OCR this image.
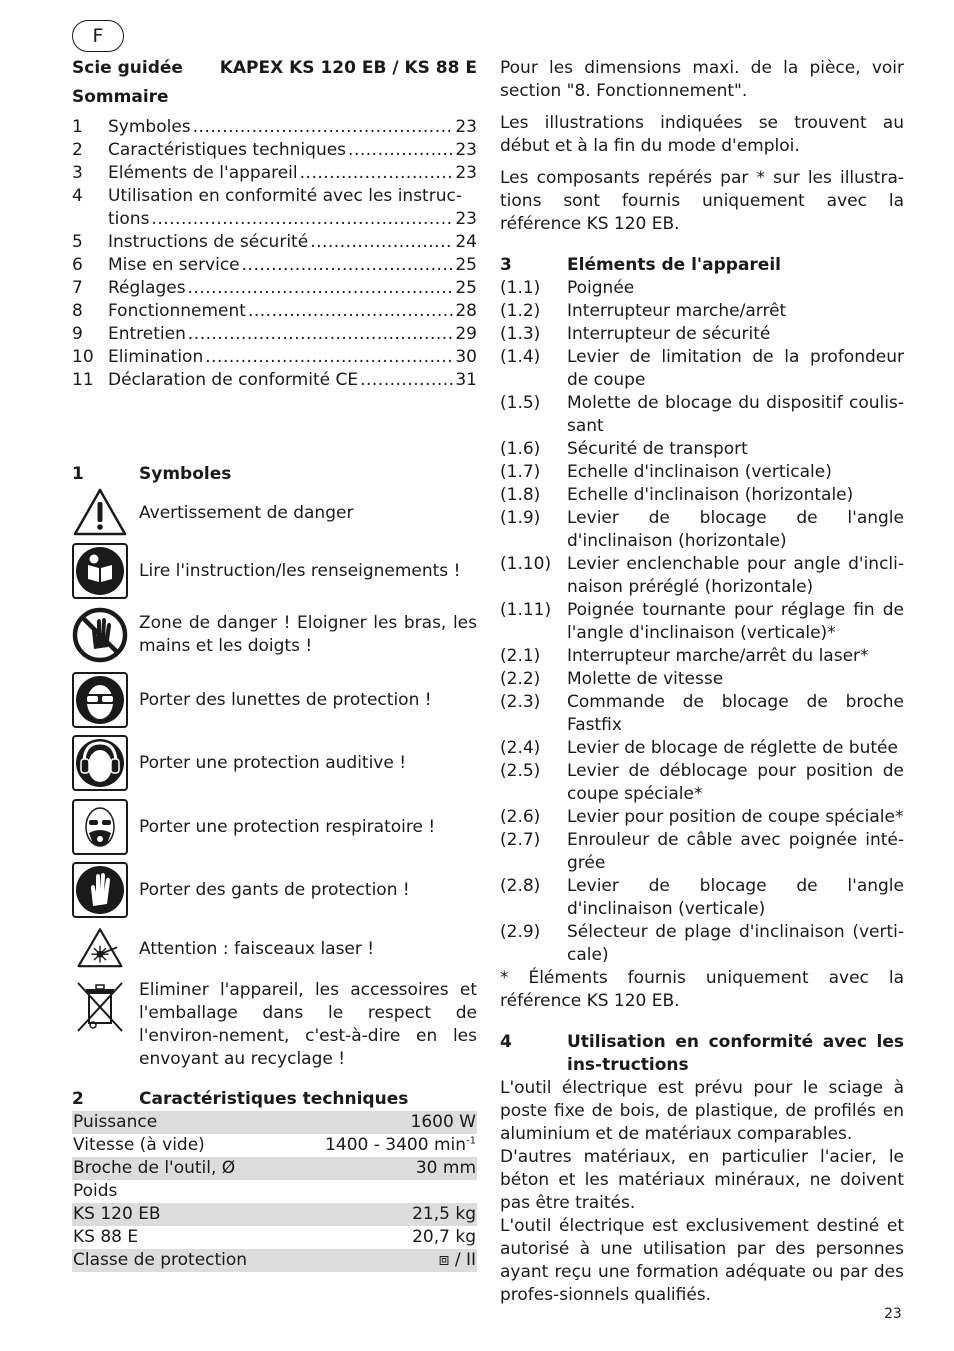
F
Scie guidée KAPEX KS 120 EB / KS 88 E
Sommaire
1	Symboles .....	23
2	Caractéristiques techniques .....	23
3	Eléments de l'appareil .....	23
4	Utilisation en conformité avec les instruc-
tions .....	23
5	Instructions de sécurité .....	24
6	Mise en service .....	25
7	Réglages .....	25
8	Fonctionnement .....	28
9	Entretien .....	29
10 Elimination .....	30
11 Déclaration de conformité CE .....	31
1	Symboles
Avertissement de danger
Lire l'instruction/les renseignements !
Zone de danger ! Eloigner les bras, les mains et les doigts !
Porter des lunettes de protection !
Porter une protection auditive !
Porter une protection respiratoire !
Porter des gants de protection !
Attention : faisceaux laser !
Eliminer l'appareil, les accessoires et l'emballage dans le respect de l'environ-nement, c'est-à-dire en les envoyant au recyclage !
2	Caractéristiques techniques
Puissance	1600 W
Vitesse (à vide)	1400 - 3400 $\min^{-1}$
Broche de l'outil, Ø	30 mm
Poids
KS 120 EB	21,5 kg
KS 88 E	20,7 kg
Classe de protection	⧈ / II

Pour les dimensions maxi. de la pièce, voir section "8. Fonctionnement".

Les illustrations indiquées se trouvent au début et à la fin du mode d'emploi.

Les composants repérés par * sur les illustra-tions sont fournis uniquement avec la référence KS 120 EB.

3	Eléments de l'appareil
(1.1)	Poignée
(1.2)	Interrupteur marche/arrêt
(1.3)	Interrupteur de sécurité
(1.4)	Levier de limitation de la profondeur de coupe
(1.5)	Molette de blocage du dispositif coulis-sant
(1.6)	Sécurité de transport
(1.7)	Echelle d'inclinaison (verticale)
(1.8)	Echelle d'inclinaison (horizontale)
(1.9)	Levier de blocage de l'angle d'inclinaison (horizontale)
(1.10) Levier enclenchable pour angle d'incli-naison préréglé (horizontale)
(1.11) Poignée tournante pour réglage fin de l'angle d'inclinaison (verticale)*
(2.1)	Interrupteur marche/arrêt du laser*
(2.2)	Molette de vitesse
(2.3)	Commande de blocage de broche Fastfix
(2.4)	Levier de blocage de réglette de butée
(2.5)	Levier de déblocage pour position de coupe spéciale*
(2.6)	Levier pour position de coupe spéciale*
(2.7)	Enrouleur de câble avec poignée inté-grée
(2.8)	Levier de blocage de l'angle d'inclinaison (verticale)
(2.9)	Sélecteur de plage d'inclinaison (verti-cale)

* Éléments fournis uniquement avec la référence KS 120 EB.

4	Utilisation en conformité avec les ins-tructions

L'outil électrique est prévu pour le sciage à poste fixe de bois, de plastique, de profilés en aluminium et de matériaux comparables.

D'autres matériaux, en particulier l'acier, le béton et les matériaux minéraux, ne doivent pas être traités.

L'outil électrique est exclusivement destiné et autorisé à une utilisation par des personnes ayant reçu une formation adéquate ou par des profes-sionnels qualifiés.

23
